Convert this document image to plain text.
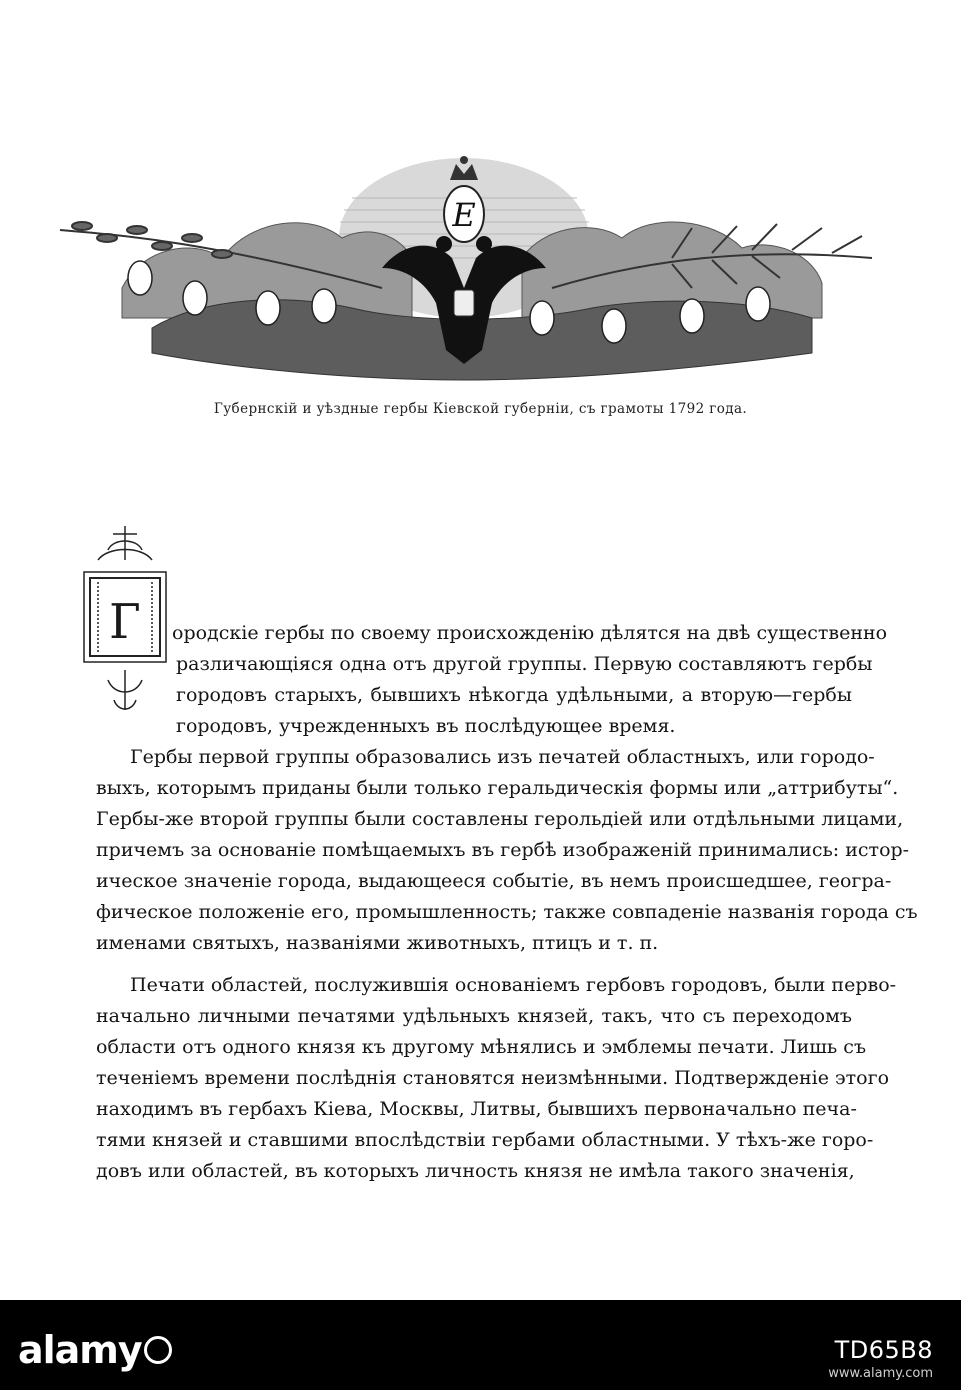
Е
Губернскій и уѣздные гербы Кіевской губерніи, съ грамоты 1792 года.
Г ородскіе гербы по своему происхожденію дѣлятся на двѣ существенно
различающіяся одна отъ другой группы. Первую составляютъ гербы
городовъ старыхъ, бывшихъ нѣкогда удѣльными, а вторую—гербы
городовъ, учрежденныхъ въ послѣдующее время.
Гербы первой группы образовались изъ печатей областныхъ, или городо-
выхъ, которымъ приданы были только геральдическія формы или „аттрибуты“.
Гербы-же второй группы были составлены герольдіей или отдѣльными лицами,
причемъ за основаніе помѣщаемыхъ въ гербѣ изображеній принимались: истор-
ическое значеніе города, выдающееся событіе, въ немъ происшедшее, геогра-
фическое положеніе его, промышленность; также совпаденіе названія города съ
именами святыхъ, названіями животныхъ, птицъ и т. п.
Печати областей, послужившія основаніемъ гербовъ городовъ, были перво-
начально личными печатями удѣльныхъ князей, такъ, что съ переходомъ
области отъ одного князя къ другому мѣнялись и эмблемы печати. Лишь съ
теченіемъ времени послѣднія становятся неизмѣнными. Подтвержденіе этого
находимъ въ гербахъ Кіева, Москвы, Литвы, бывшихъ первоначально печа-
тями князей и ставшими впослѣдствіи гербами областными. У тѣхъ-же горо-
довъ или областей, въ которыхъ личность князя не имѣла такого значенія,
alamy	TD65B8
www.alamy.com
